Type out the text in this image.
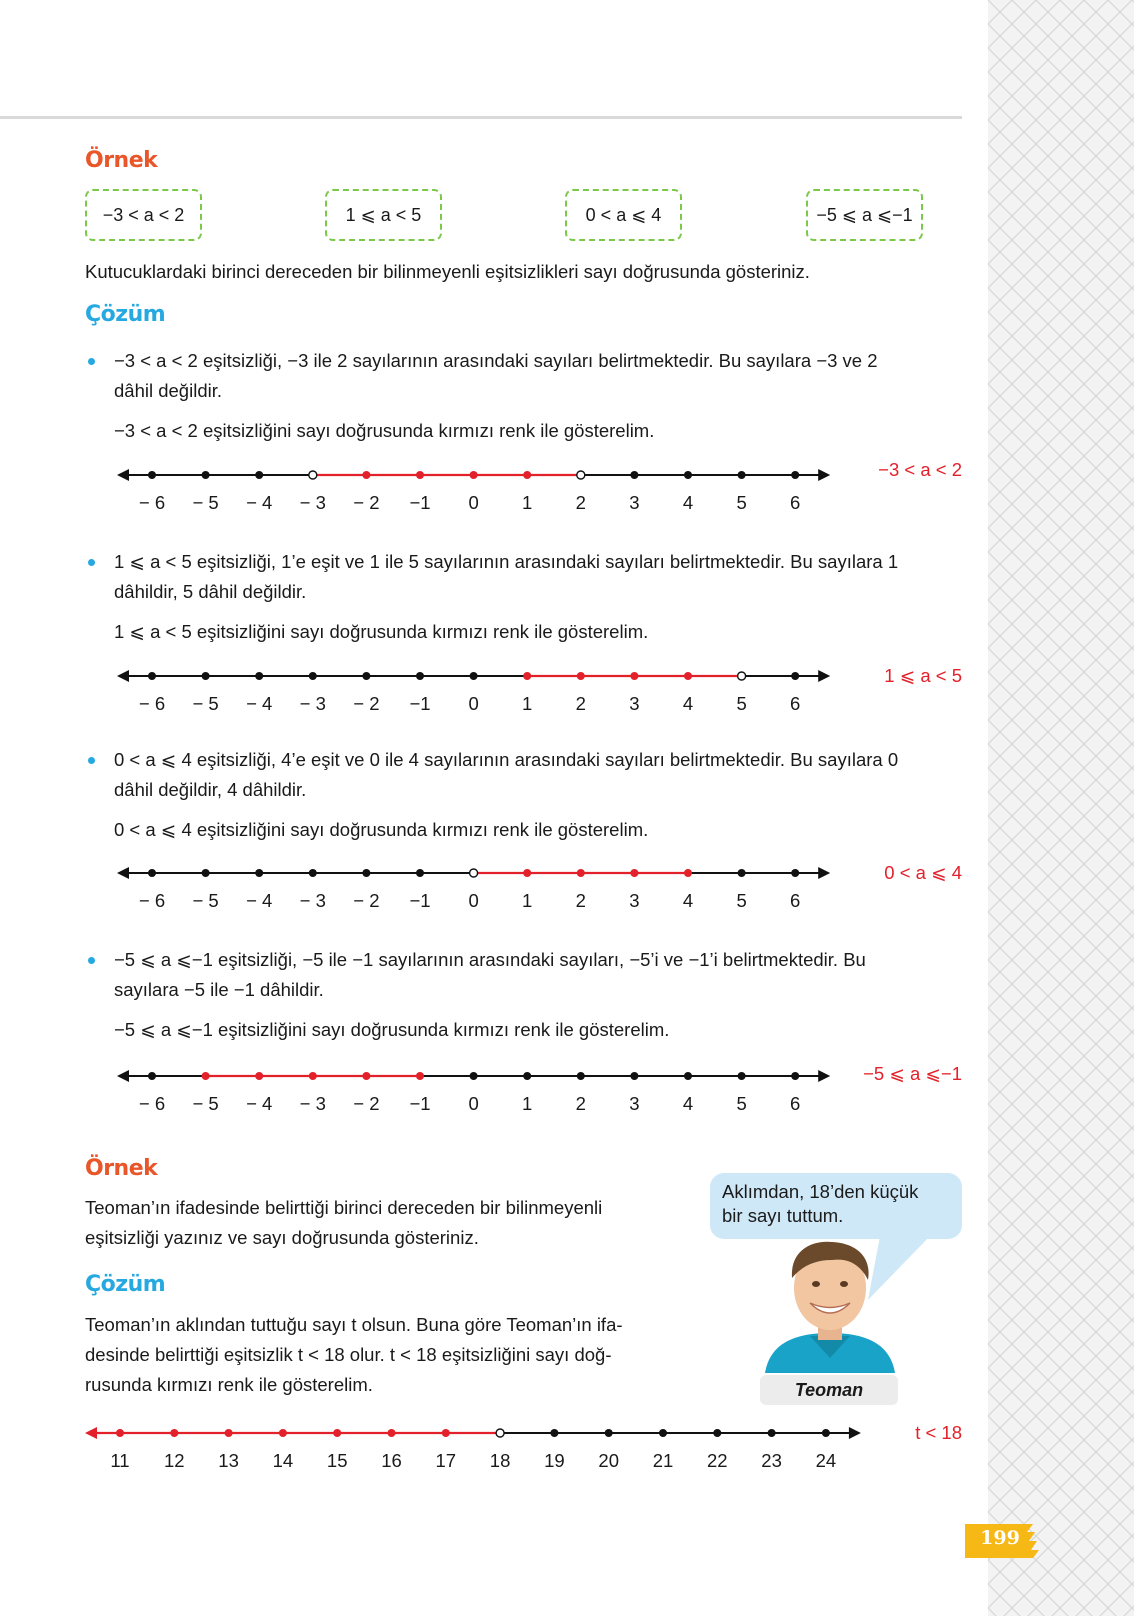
Örnek
−3 < a < 2	1 ⩽ a < 5	0 < a ⩽ 4	−5 ⩽ a ⩽−1
Kutucuklardaki birinci dereceden bir bilinmeyenli eşitsizlikleri sayı doğrusunda gösteriniz.
Çözüm
−3 < a < 2 eşitsizliği, −3 ile 2 sayılarının arasındaki sayıları belirtmektedir. Bu sayılara −3 ve 2
dâhil değildir.
−3 < a < 2 eşitsizliğini sayı doğrusunda kırmızı renk ile gösterelim.
−3 < a < 2
1 ⩽ a < 5 eşitsizliği, 1’e eşit ve 1 ile 5 sayılarının arasındaki sayıları belirtmektedir. Bu sayılara 1
dâhildir, 5 dâhil değildir.
1 ⩽ a < 5 eşitsizliğini sayı doğrusunda kırmızı renk ile gösterelim.
1 ⩽ a < 5
0 < a ⩽ 4 eşitsizliği, 4’e eşit ve 0 ile 4 sayılarının arasındaki sayıları belirtmektedir. Bu sayılara 0
dâhil değildir, 4 dâhildir.
0 < a ⩽ 4 eşitsizliğini sayı doğrusunda kırmızı renk ile gösterelim.
0 < a ⩽ 4
−5 ⩽ a ⩽−1 eşitsizliği, −5 ile −1 sayılarının arasındaki sayıları, −5’i ve −1’i belirtmektedir. Bu
sayılara −5 ile −1 dâhildir.
−5 ⩽ a ⩽−1 eşitsizliğini sayı doğrusunda kırmızı renk ile gösterelim.
−5 ⩽ a ⩽−1
Örnek
Teoman’ın ifadesinde belirttiği birinci dereceden bir bilinmeyenli
eşitsizliği yazınız ve sayı doğrusunda gösteriniz.
Çözüm
Teoman’ın aklından tuttuğu sayı t olsun. Buna göre Teoman’ın ifa-
desinde belirttiği eşitsizlik t < 18 olur. t < 18 eşitsizliğini sayı doğ-
rusunda kırmızı renk ile gösterelim.
Aklımdan, 18’den küçük
bir sayı tuttum.
Teoman
t < 18
199
− 6 − 5 − 4 − 3 − 2 −1 0 1 2 3 4 5 6
− 6 − 5 − 4 − 3 − 2 −1 0 1 2 3 4 5 6
− 6 − 5 − 4 − 3 − 2 −1 0 1 2 3 4 5 6
− 6 − 5 − 4 − 3 − 2 −1 0 1 2 3 4 5 6
11 12 13 14 15 16 17 18 19 20 21 22 23 24
